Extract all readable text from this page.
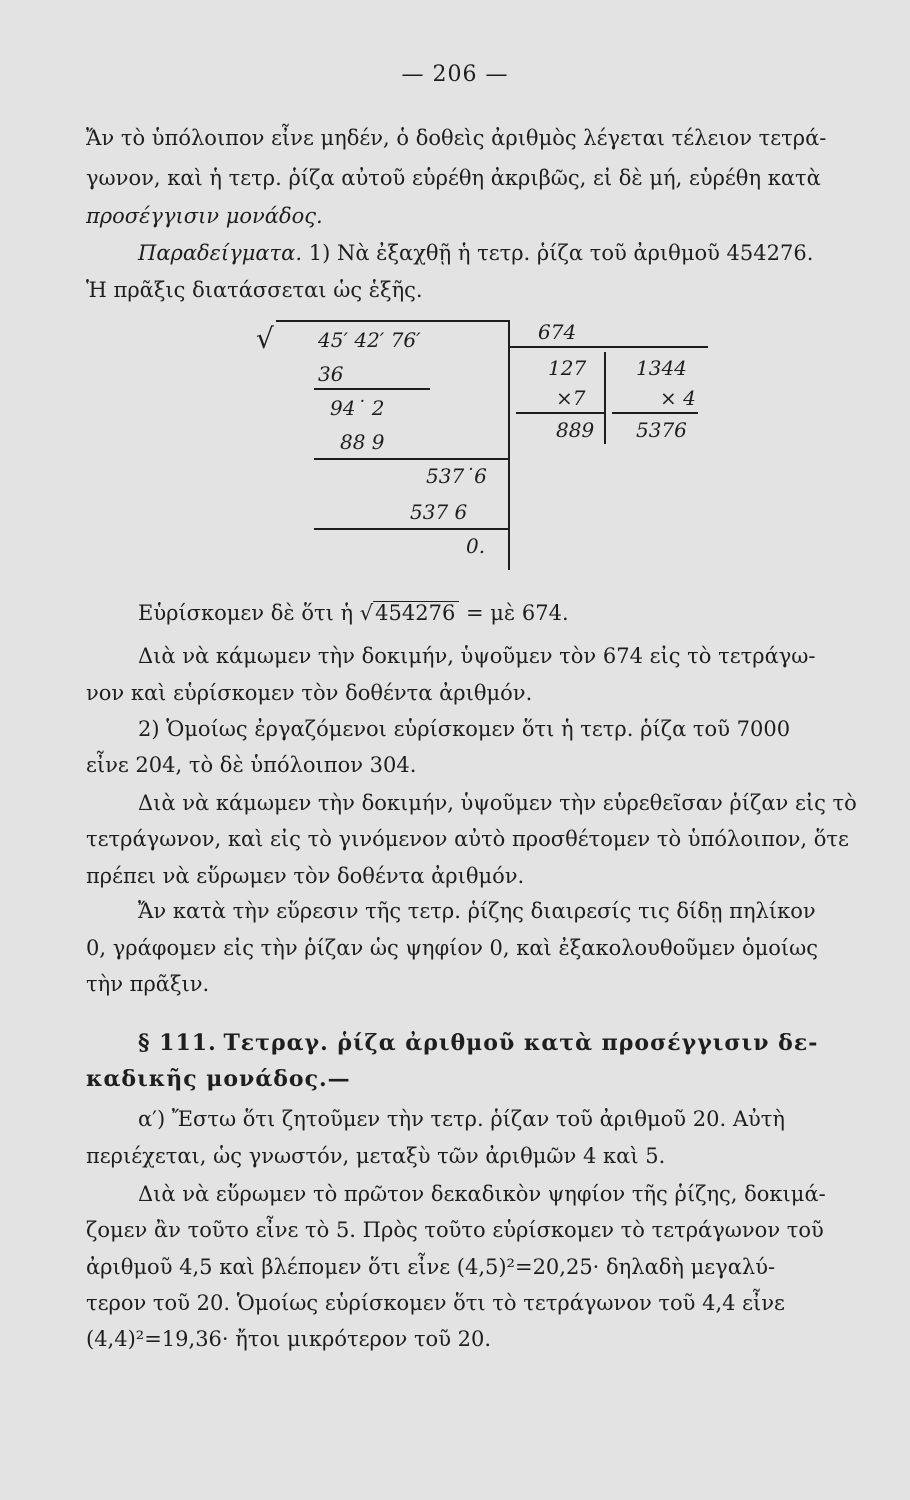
— 206 —
Ἄν τὸ ὑπόλοιπον εἶνε μηδέν, ὁ δοθεὶς ἀριθμὸς λέγεται τέλειον τετρά-
γωνον, καὶ ἡ τετρ. ῥίζα αὐτοῦ εὑρέθη ἀκριβῶς, εἰ δὲ μή, εὑρέθη κατὰ
προσέγγισιν μονάδος.
Παραδείγματα. 1) Νὰ ἐξαχθῇ ἡ τετρ. ῥίζα τοῦ ἀριθμοῦ 454276.
Ἡ πρᾶξις διατάσσεται ὡς ἑξῆς.
√ 45′ 42′ 76′	674
36
94˙ 2
88 9
537˙6
537 6
0.
127
×7
889
1344
× 4
5376
Εὑρίσκομεν δὲ ὅτι ἡ √454276 = μὲ 674.
Διὰ νὰ κάμωμεν τὴν δοκιμήν, ὑψοῦμεν τὸν 674 εἰς τὸ τετράγω-
νον καὶ εὑρίσκομεν τὸν δοθέντα ἀριθμόν.
2) Ὁμοίως ἐργαζόμενοι εὑρίσκομεν ὅτι ἡ τετρ. ῥίζα τοῦ 7000
εἶνε 204, τὸ δὲ ὑπόλοιπον 304.
Διὰ νὰ κάμωμεν τὴν δοκιμήν, ὑψοῦμεν τὴν εὑρεθεῖσαν ῥίζαν εἰς τὸ
τετράγωνον, καὶ εἰς τὸ γινόμενον αὐτὸ προσθέτομεν τὸ ὑπόλοιπον, ὅτε
πρέπει νὰ εὕρωμεν τὸν δοθέντα ἀριθμόν.
Ἄν κατὰ τὴν εὕρεσιν τῆς τετρ. ῥίζης διαιρεσίς τις δίδῃ πηλίκον
0, γράφομεν εἰς τὴν ῥίζαν ὡς ψηφίον 0, καὶ ἐξακολουθοῦμεν ὁμοίως
τὴν πρᾶξιν.
§ 111. Τετραγ. ῥίζα ἀριθμοῦ κατὰ προσέγγισιν δε-
καδικῆς μονάδος.—
α′) Ἔστω ὅτι ζητοῦμεν τὴν τετρ. ῥίζαν τοῦ ἀριθμοῦ 20. Αὐτὴ
περιέχεται, ὡς γνωστόν, μεταξὺ τῶν ἀριθμῶν 4 καὶ 5.
Διὰ νὰ εὕρωμεν τὸ πρῶτον δεκαδικὸν ψηφίον τῆς ῥίζης, δοκιμά-
ζομεν ἂν τοῦτο εἶνε τὸ 5. Πρὸς τοῦτο εὑρίσκομεν τὸ τετράγωνον τοῦ
ἀριθμοῦ 4,5 καὶ βλέπομεν ὅτι εἶνε (4,5)²=20,25· δηλαδὴ μεγαλύ-
τερον τοῦ 20. Ὁμοίως εὑρίσκομεν ὅτι τὸ τετράγωνον τοῦ 4,4 εἶνε
(4,4)²=19,36· ἤτοι μικρότερον τοῦ 20.
